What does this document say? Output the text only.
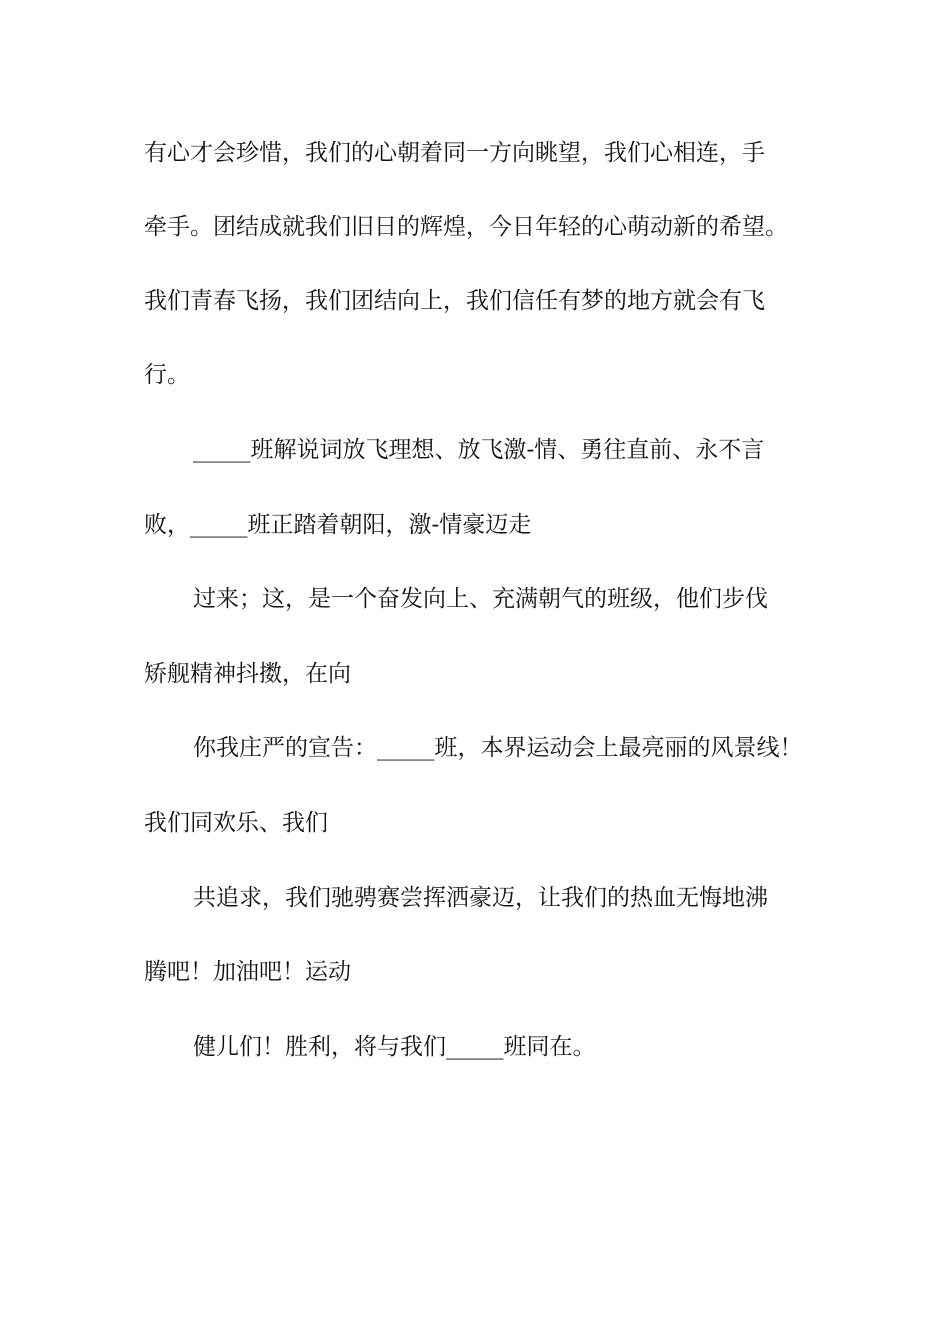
有心才会珍惜，我们的心朝着同一方向眺望，我们心相连，手
牵手。团结成就我们旧日的辉煌，今日年轻的心萌动新的希望。
我们青春飞扬，我们团结向上，我们信任有梦的地方就会有飞
行。
_____班解说词放飞理想、放飞激-情、勇往直前、永不言
败，_____班正踏着朝阳，激-情豪迈走
过来；这，是一个奋发向上、充满朝气的班级，他们步伐
矫舰精神抖擞，在向
你我庄严的宣告：_____班，本界运动会上最亮丽的风景线！
我们同欢乐、我们
共追求，我们驰骋赛尝挥洒豪迈，让我们的热血无悔地沸
腾吧！加油吧！运动
健儿们！胜利，将与我们_____班同在。
